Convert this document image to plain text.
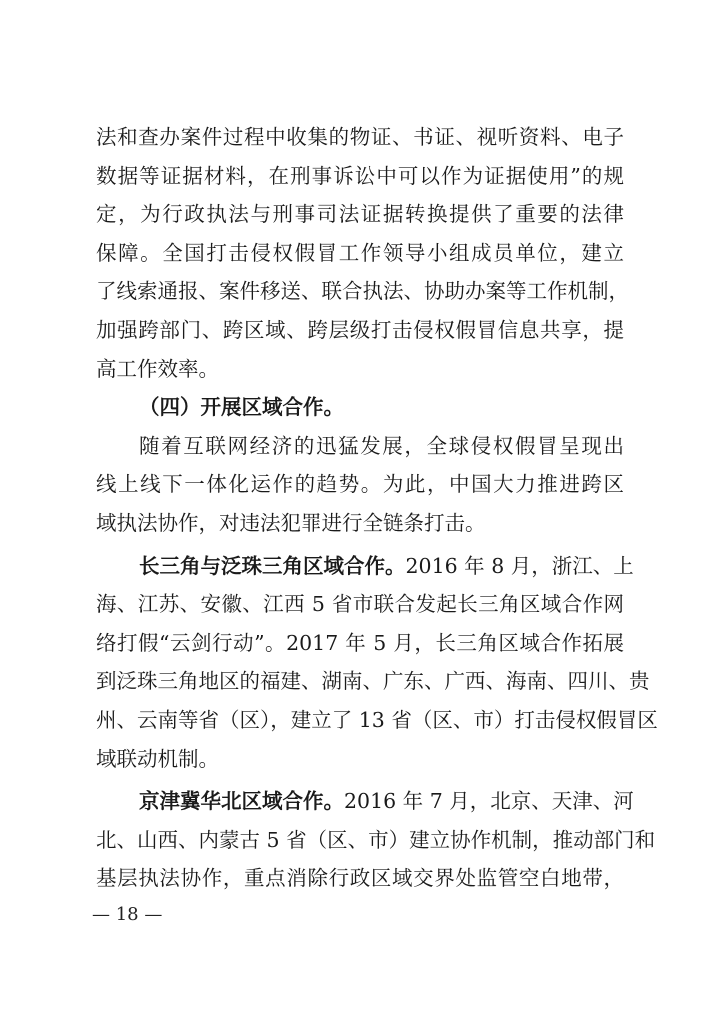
法和查办案件过程中收集的物证、书证、视听资料、电子
数据等证据材料，在刑事诉讼中可以作为证据使用”的规
定，为行政执法与刑事司法证据转换提供了重要的法律
保障。全国打击侵权假冒工作领导小组成员单位，建立
了线索通报、案件移送、联合执法、协助办案等工作机制，
加强跨部门、跨区域、跨层级打击侵权假冒信息共享，提
高工作效率。
（四）开展区域合作。
随着互联网经济的迅猛发展，全球侵权假冒呈现出
线上线下一体化运作的趋势。为此，中国大力推进跨区
域执法协作，对违法犯罪进行全链条打击。
长三角与泛珠三角区域合作。2016 年 8 月，浙江、上
海、江苏、安徽、江西 5 省市联合发起长三角区域合作网
络打假“云剑行动”。2017 年 5 月，长三角区域合作拓展
到泛珠三角地区的福建、湖南、广东、广西、海南、四川、贵
州、云南等省（区），建立了 13 省（区、市）打击侵权假冒区
域联动机制。
京津冀华北区域合作。2016 年 7 月，北京、天津、河
北、山西、内蒙古 5 省（区、市）建立协作机制，推动部门和
基层执法协作，重点消除行政区域交界处监管空白地带，
— 18 —
